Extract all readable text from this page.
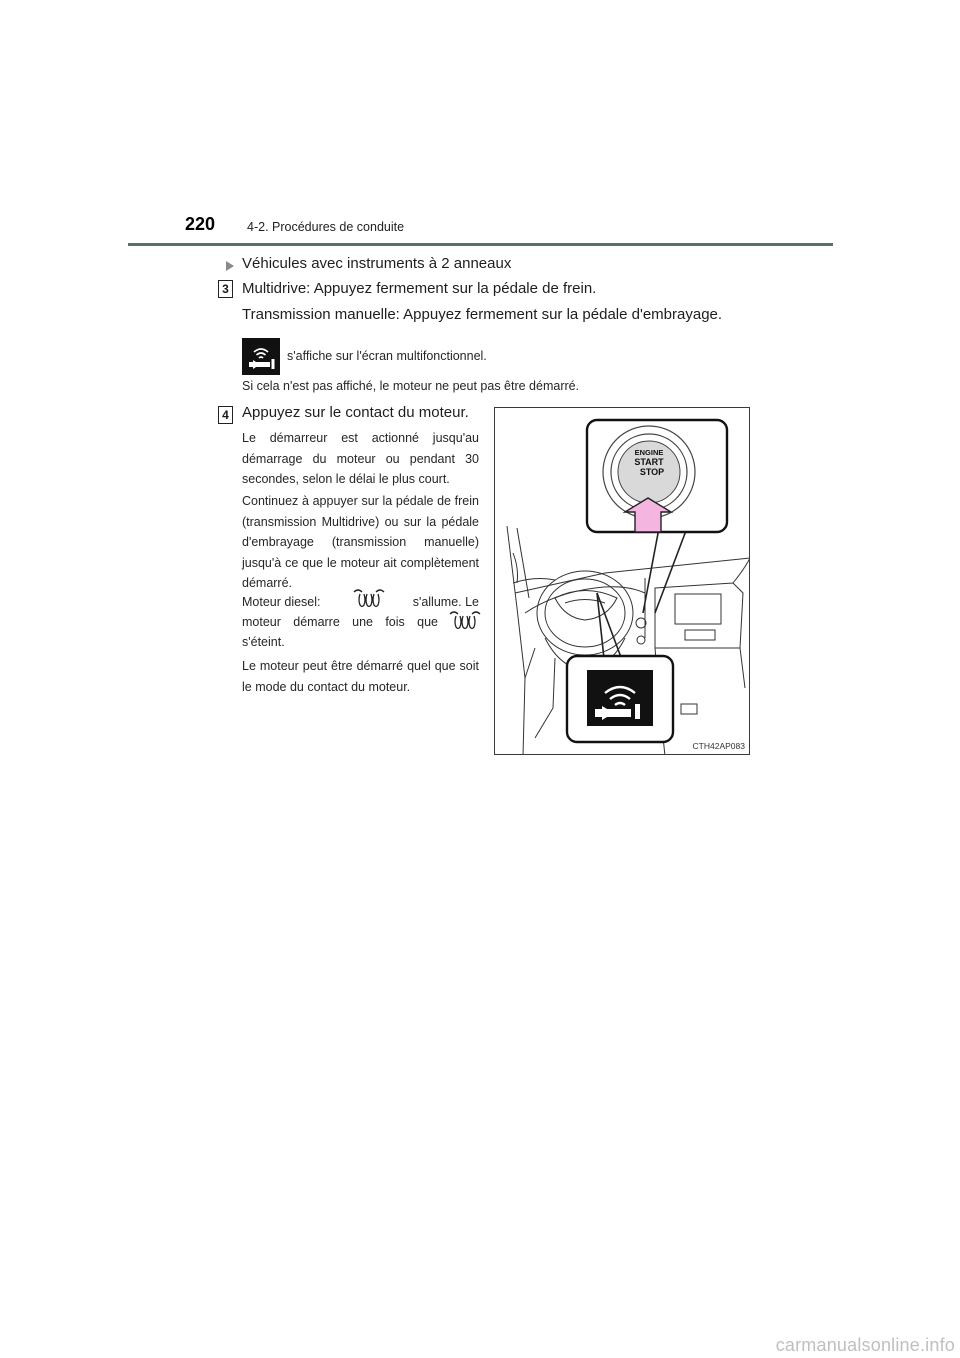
220	4-2. Procédures de conduite
Véhicules avec instruments à 2 anneaux
3 Multidrive: Appuyez fermement sur la pédale de frein.
Transmission manuelle: Appuyez fermement sur la pédale d'embrayage.
s'affiche sur l'écran multifonctionnel.
Si cela n'est pas affiché, le moteur ne peut pas être démarré.
4 Appuyez sur le contact du moteur.
Le démarreur est actionné jusqu'au démarrage du moteur ou pendant 30 secondes, selon le délai le plus court.
Continuez à appuyer sur la pédale de frein (transmission Multidrive) ou sur la pédale d'embrayage (transmission manuelle) jusqu'à ce que le moteur ait complètement démarré.
Moteur diesel:	s'allume. Le
moteur démarre une fois que
s'éteint.
Le moteur peut être démarré quel que soit le mode du contact du moteur.
ENGINE
START
STOP
CTH42AP083
carmanualsonline.info
